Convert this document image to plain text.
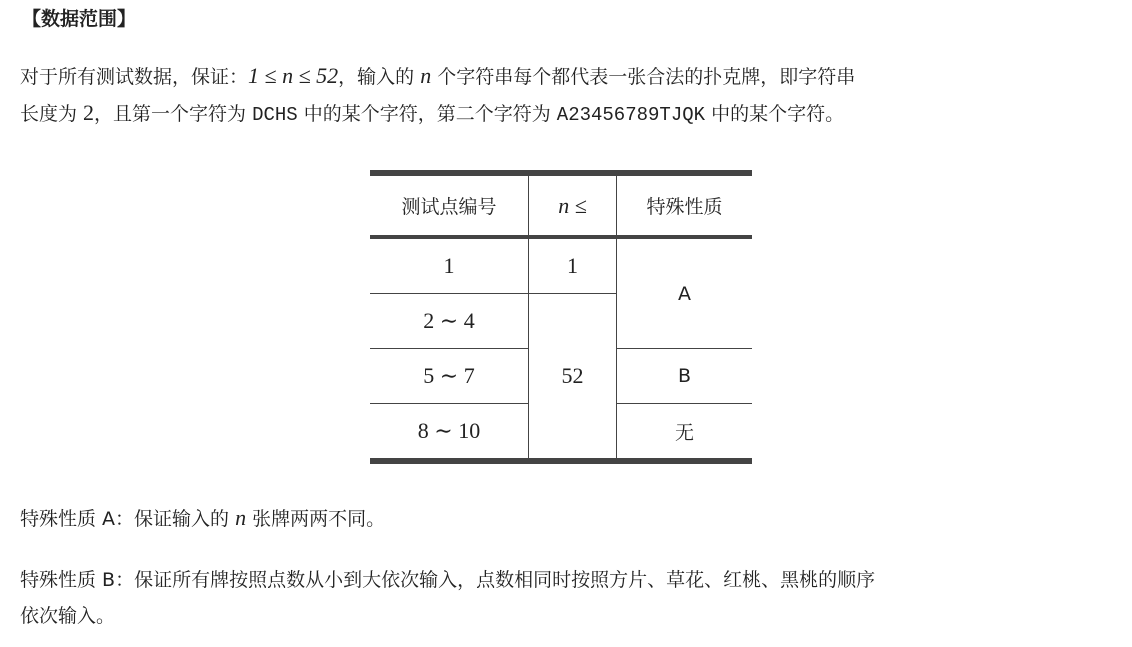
【数据范围】
对于所有测试数据，保证：1 ≤ n ≤ 52，输入的 n 个字符串每个都代表一张合法的扑克牌，即字符串
长度为 2，且第一个字符为 DCHS 中的某个字符，第二个字符为 A23456789TJQK 中的某个字符。
测试点编号	n ≤	特殊性质
1	1	A
2 ∼ 4	52	
5 ∼ 7		B
8 ∼ 10		无
特殊性质 A：保证输入的 n 张牌两两不同。
特殊性质 B：保证所有牌按照点数从小到大依次输入，点数相同时按照方片、草花、红桃、黑桃的顺序
依次输入。
